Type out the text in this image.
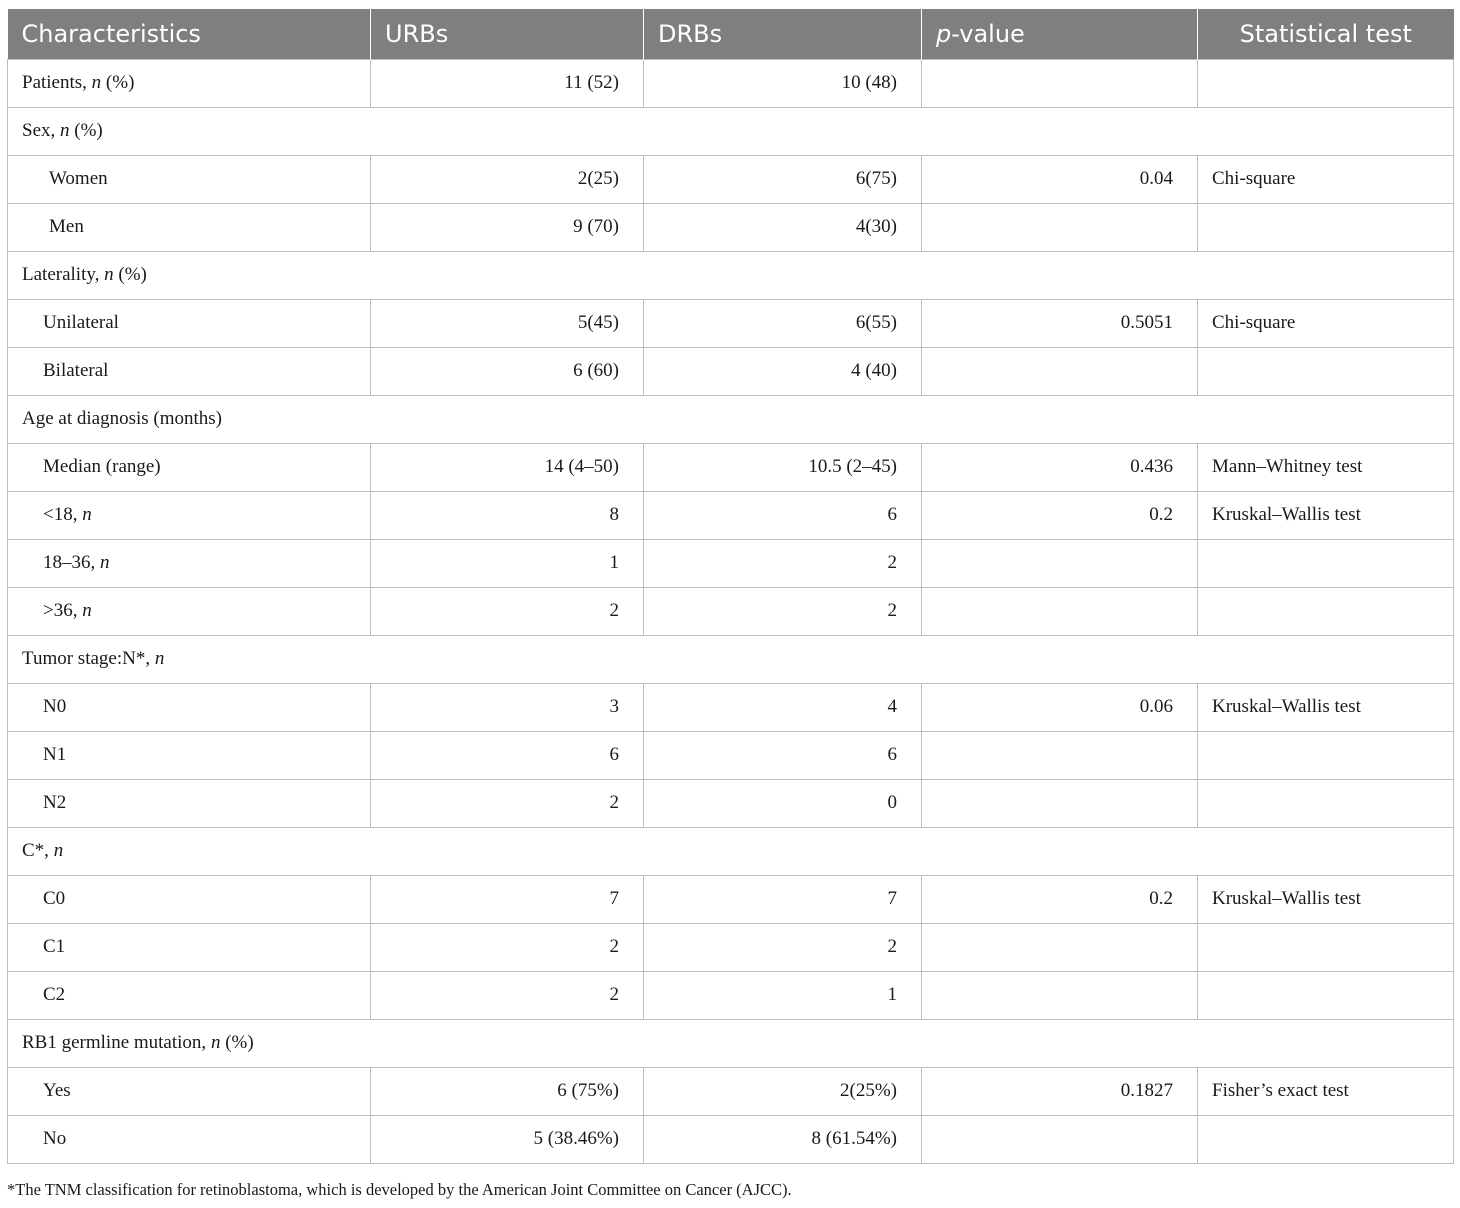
Characteristics	URBs	DRBs	p-value	Statistical test
Patients, n (%)	11 (52)	10 (48)		
Sex, n (%)				
Women	2(25)	6(75)	0.04	Chi-square
Men	9 (70)	4(30)		
Laterality, n (%)				
Unilateral	5(45)	6(55)	0.5051	Chi-square
Bilateral	6 (60)	4 (40)		
Age at diagnosis (months)				
Median (range)	14 (4–50)	10.5 (2–45)	0.436	Mann–Whitney test
<18, n	8	6	0.2	Kruskal–Wallis test
18–36, n	1	2		
>36, n	2	2		
Tumor stage:N*, n				
N0	3	4	0.06	Kruskal–Wallis test
N1	6	6		
N2	2	0		
C*, n				
C0	7	7	0.2	Kruskal–Wallis test
C1	2	2		
C2	2	1		
RB1 germline mutation, n (%)				
Yes	6 (75%)	2(25%)	0.1827	Fisher’s exact test
No	5 (38.46%)	8 (61.54%)		
*The TNM classification for retinoblastoma, which is developed by the American Joint Committee on Cancer (AJCC).
